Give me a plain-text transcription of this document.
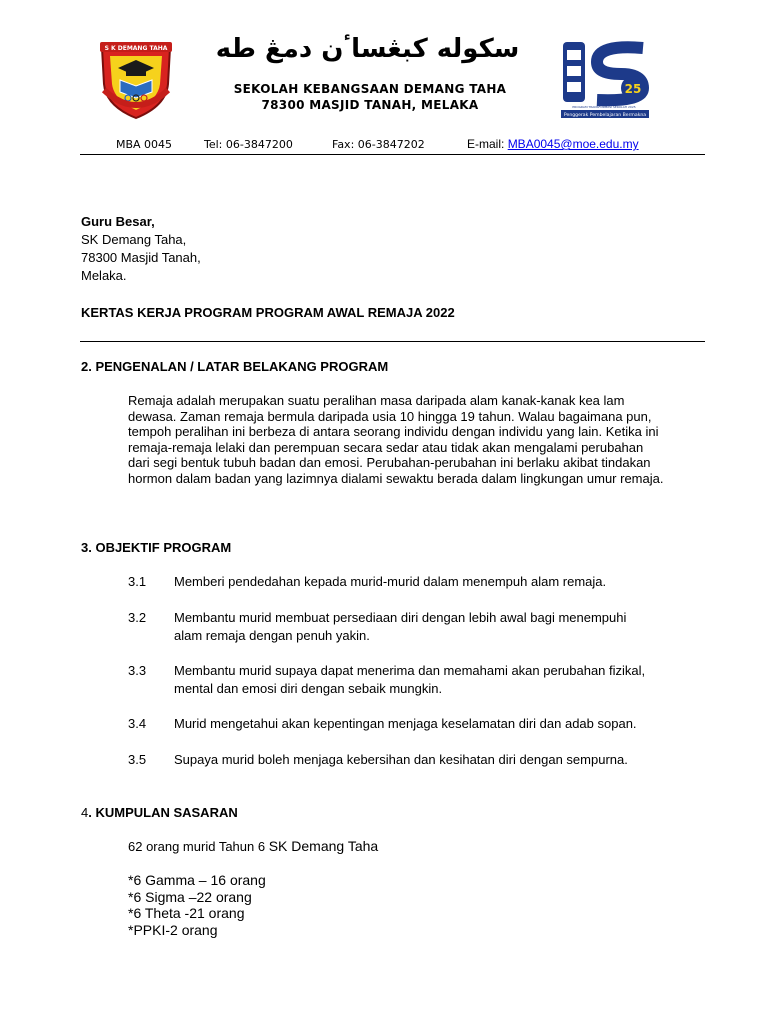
S K DEMANG TAHA	سکوله کبڠساٴن دمڠ طه
SEKOLAH KEBANGSAAN DEMANG TAHA
78300 MASJID TANAH, MELAKA
25
PROGRAM TRANSFORMASI SEKOLAH 2025
Penggerak Pembelajaran Bermakna
MBA 0045	Tel: 06-3847200	Fax: 06-3847202	E-mail: MBA0045@moe.edu.my
Guru Besar,
SK Demang Taha,
78300 Masjid Tanah,
Melaka.
KERTAS KERJA PROGRAM PROGRAM AWAL REMAJA 2022
2. PENGENALAN / LATAR BELAKANG PROGRAM
Remaja adalah merupakan suatu peralihan masa daripada alam kanak-kanak kea lam
dewasa. Zaman remaja bermula daripada usia 10 hingga 19 tahun. Walau bagaimana pun,
tempoh peralihan ini berbeza di antara seorang individu dengan individu yang lain. Ketika ini
remaja-remaja lelaki dan perempuan secara sedar atau tidak akan mengalami perubahan
dari segi bentuk tubuh badan dan emosi. Perubahan-perubahan ini berlaku akibat tindakan
hormon dalam badan yang lazimnya dialami sewaktu berada dalam lingkungan umur remaja.
3. OBJEKTIF PROGRAM
3.1 Memberi pendedahan kepada murid-murid dalam menempuh alam remaja.
3.2 Membantu murid membuat persediaan diri dengan lebih awal bagi menempuhi
alam remaja dengan penuh yakin.
3.3 Membantu murid supaya dapat menerima dan memahami akan perubahan fizikal,
mental dan emosi diri dengan sebaik mungkin.
3.4 Murid mengetahui akan kepentingan menjaga keselamatan diri dan adab sopan.
3.5 Supaya murid boleh menjaga kebersihan dan kesihatan diri dengan sempurna.
4. KUMPULAN SASARAN
62 orang murid Tahun 6 SK Demang Taha
*6 Gamma – 16 orang
*6 Sigma –22 orang
*6 Theta -21 orang
*PPKI-2 orang
